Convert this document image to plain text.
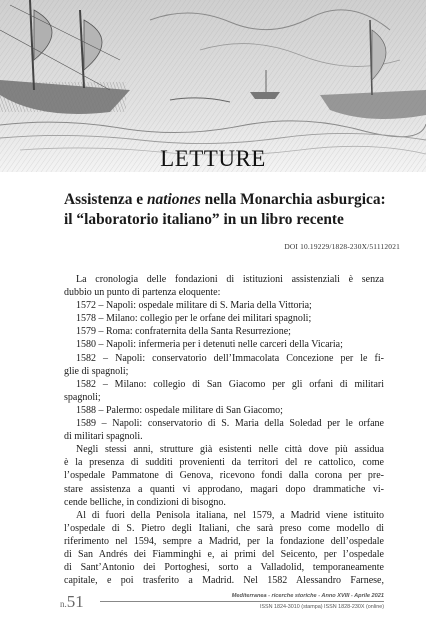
LETTURE
Assistenza e nationes nella Monarchia asburgica:
il “laboratorio italiano” in un libro recente
DOI 10.19229/1828-230X/51112021
La cronologia delle fondazioni di istituzioni assistenziali è senza
dubbio un punto di partenza eloquente:
1572 – Napoli: ospedale militare di S. Maria della Vittoria;
1578 – Milano: collegio per le orfane dei militari spagnoli;
1579 – Roma: confraternita della Santa Resurrezione;
1580 – Napoli: infermeria per i detenuti nelle carceri della Vicaria;
1582 – Napoli: conservatorio dell’Immacolata Concezione per le fi-
glie di spagnoli;
1582 – Milano: collegio di San Giacomo per gli orfani di militari
spagnoli;
1588 – Palermo: ospedale militare di San Giacomo;
1589 – Napoli: conservatorio di S. Maria della Soledad per le orfane
di militari spagnoli.
Negli stessi anni, strutture già esistenti nelle città dove più assidua
è la presenza di sudditi provenienti da territori del re cattolico, come
l’ospedale Pammatone di Genova, ricevono fondi dalla corona per pre-
stare assistenza a quanti vi approdano, magari dopo drammatiche vi-
cende belliche, in condizioni di bisogno.
Al di fuori della Penisola italiana, nel 1579, a Madrid viene istituito
l’ospedale di S. Pietro degli Italiani, che sarà preso come modello di
riferimento nel 1594, sempre a Madrid, per la fondazione dell’ospedale
di San Andrés dei Fiamminghi e, ai primi del Seicento, per l’ospedale
di Sant’Antonio dei Portoghesi, sorto a Valladolid, temporaneamente
capitale, e poi trasferito a Madrid. Nel 1582 Alessandro Farnese,
n.51	Mediterranea - ricerche storiche - Anno XVIII - Aprile 2021
ISSN 1824-3010 (stampa) ISSN 1828-230X (online)
